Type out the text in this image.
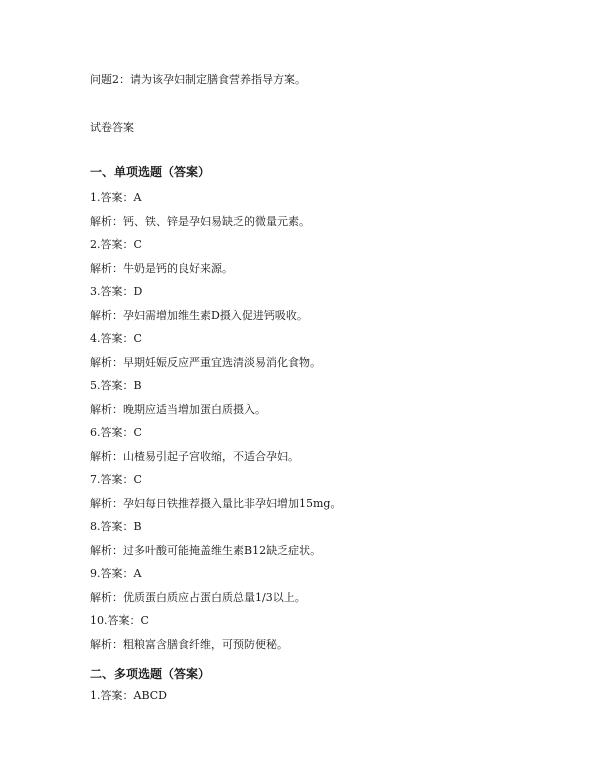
问题2：请为该孕妇制定膳食营养指导方案。
试卷答案
一、单项选题（答案）
1.答案：A
解析：钙、铁、锌是孕妇易缺乏的微量元素。
2.答案：C
解析：牛奶是钙的良好来源。
3.答案：D
解析：孕妇需增加维生素D摄入促进钙吸收。
4.答案：C
解析：早期妊娠反应严重宜选清淡易消化食物。
5.答案：B
解析：晚期应适当增加蛋白质摄入。
6.答案：C
解析：山楂易引起子宫收缩，不适合孕妇。
7.答案：C
解析：孕妇每日铁推荐摄入量比非孕妇增加15mg。
8.答案：B
解析：过多叶酸可能掩盖维生素B12缺乏症状。
9.答案：A
解析：优质蛋白质应占蛋白质总量1/3以上。
10.答案：C
解析：粗粮富含膳食纤维，可预防便秘。
二、多项选题（答案）
1.答案：ABCD
